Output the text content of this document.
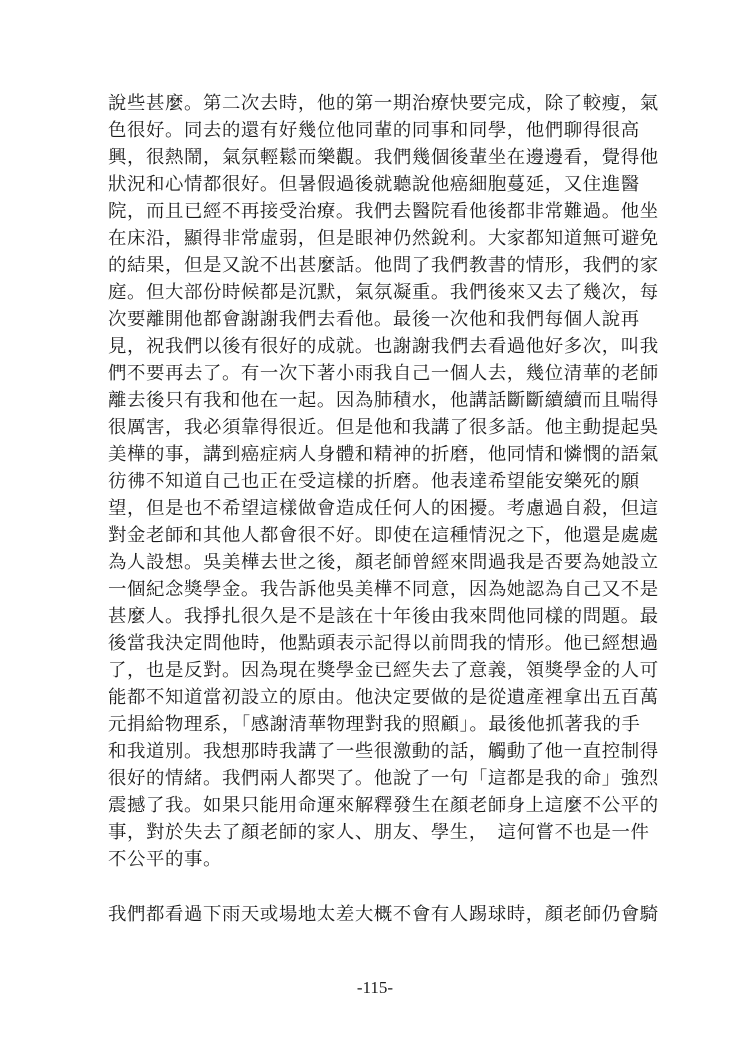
說些甚麼。第二次去時，他的第一期治療快要完成，除了較瘦，氣
色很好。同去的還有好幾位他同輩的同事和同學，他們聊得很高
興，很熱鬧，氣氛輕鬆而樂觀。我們幾個後輩坐在邊邊看，覺得他
狀況和心情都很好。但暑假過後就聽說他癌細胞蔓延，又住進醫
院，而且已經不再接受治療。我們去醫院看他後都非常難過。他坐
在床沿，顯得非常虛弱，但是眼神仍然銳利。大家都知道無可避免
的結果，但是又說不出甚麼話。他問了我們教書的情形，我們的家
庭。但大部份時候都是沉默，氣氛凝重。我們後來又去了幾次，每
次要離開他都會謝謝我們去看他。最後一次他和我們每個人說再
見，祝我們以後有很好的成就。也謝謝我們去看過他好多次，叫我
們不要再去了。有一次下著小雨我自己一個人去，幾位清華的老師
離去後只有我和他在一起。因為肺積水，他講話斷斷續續而且喘得
很厲害，我必須靠得很近。但是他和我講了很多話。他主動提起吳
美樺的事，講到癌症病人身體和精神的折磨，他同情和憐憫的語氣
彷彿不知道自己也正在受這樣的折磨。他表達希望能安樂死的願
望，但是也不希望這樣做會造成任何人的困擾。考慮過自殺，但這
對金老師和其他人都會很不好。即使在這種情況之下，他還是處處
為人設想。吳美樺去世之後，顏老師曾經來問過我是否要為她設立
一個紀念獎學金。我告訴他吳美樺不同意，因為她認為自己又不是
甚麼人。我掙扎很久是不是該在十年後由我來問他同樣的問題。最
後當我決定問他時，他點頭表示記得以前問我的情形。他已經想過
了，也是反對。因為現在獎學金已經失去了意義，領獎學金的人可
能都不知道當初設立的原由。他決定要做的是從遺產裡拿出五百萬
元捐給物理系，「感謝清華物理對我的照顧」。最後他抓著我的手
和我道別。我想那時我講了一些很激動的話，觸動了他一直控制得
很好的情緒。我們兩人都哭了。他說了一句「這都是我的命」強烈
震撼了我。如果只能用命運來解釋發生在顏老師身上這麼不公平的
事，對於失去了顏老師的家人、朋友、學生，　這何嘗不也是一件
不公平的事。
我們都看過下雨天或場地太差大概不會有人踢球時，顏老師仍會騎
-115-
